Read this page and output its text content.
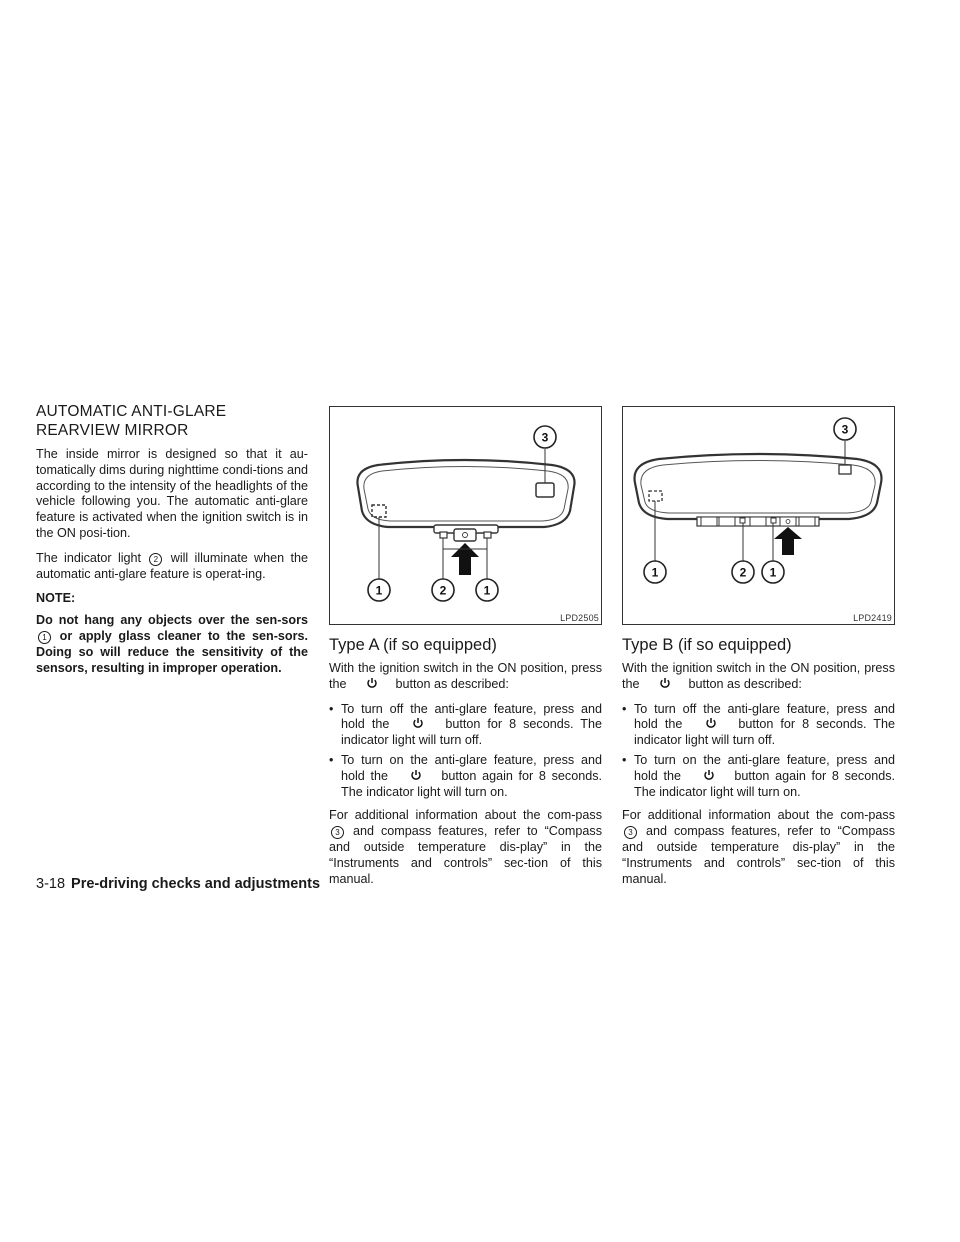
AUTOMATIC ANTI-GLARE
REARVIEW MIRROR

The inside mirror is designed so that it au-tomatically dims during nighttime condi-tions and according to the intensity of the headlights of the vehicle following you. The automatic anti-glare feature is activated when the ignition switch is in the ON posi-tion.

The indicator light 2 will illuminate when the automatic anti-glare feature is operat-ing.

NOTE:

Do not hang any objects over the sen-sors 1 or apply glass cleaner to the sen-sors. Doing so will reduce the sensitivity of the sensors, resulting in improper operation.

3
1	2	1
LPD2505
Type A (if so equipped)

With the ignition switch in the ON position, press the	button as described:

• To turn off the anti-glare feature, press and hold the	button for 8 seconds. The indicator light will turn off.
• To turn on the anti-glare feature, press and hold the	button again for 8 seconds. The indicator light will turn on.

For additional information about the com-pass 3 and compass features, refer to “Compass and outside temperature dis-play” in the “Instruments and controls” sec-tion of this manual.

3
1	2 1
LPD2419
Type B (if so equipped)

With the ignition switch in the ON position, press the	button as described:

• To turn off the anti-glare feature, press and hold the	button for 8 seconds. The indicator light will turn off.
• To turn on the anti-glare feature, press and hold the	button again for 8 seconds. The indicator light will turn on.

For additional information about the com-pass 3 and compass features, refer to “Compass and outside temperature dis-play” in the “Instruments and controls” sec-tion of this manual.

3-18 Pre-driving checks and adjustments
